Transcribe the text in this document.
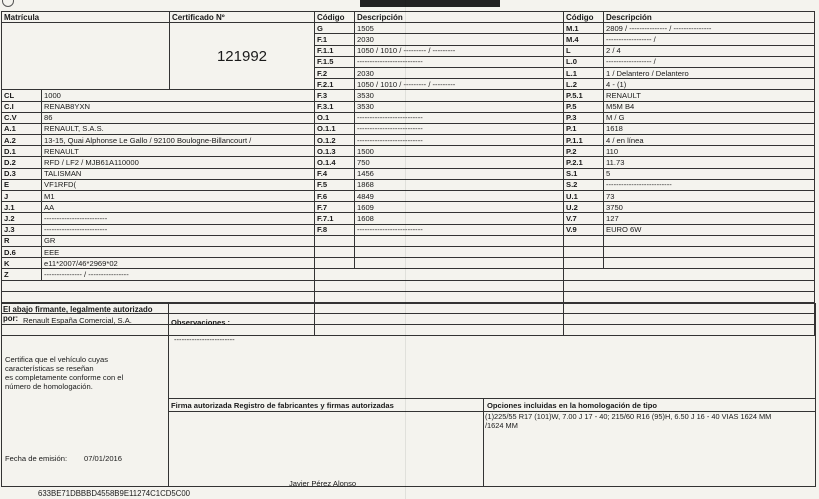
Matrícula		Certificado Nº	Código	Descripción	Código	Descripción
		121992	G	1505	M.1	2809 / --------------- / ---------------
			F.1	2030	M.4	------------------ /
			F.1.1	1050 / 1010 / --------- / ---------	L	2 / 4
			F.1.5	--------------------------	L.0	------------------ /
			F.2	2030	L.1	1 / Delantero / Delantero
			F.2.1	1050 / 1010 / --------- / ---------	L.2	4 - (1)
CL	1000		F.3	3530	P.5.1	RENAULT
C.I	RENAB8YXN		F.3.1	3530	P.5	M5M B4
C.V	86		O.1	--------------------------	P.3	M / G
A.1	RENAULT, S.A.S.		O.1.1	--------------------------	P.1	1618
A.2	13-15, Quai Alphonse Le Gallo / 92100 Boulogne-Billancourt /		O.1.2	--------------------------	P.1.1	4 / en línea
D.1	RENAULT		O.1.3	1500	P.2	110
D.2	RFD / LF2 / MJB61A110000		O.1.4	750	P.2.1	11.73
D.3	TALISMAN		F.4	1456	S.1	5
E	VF1RFD(		F.5	1868	S.2	--------------------------
J	M1		F.6	4849	U.1	73
J.1	AA		F.7	1609	U.2	3750
J.2	-------------------------		F.7.1	1608	V.7	127
J.3	-------------------------		F.8	--------------------------	V.9	EURO 6W
R	GR					
D.6	EEE					
K	e11*2007/46*2969*02					
Z	--------------- / ----------------					

El abajo firmante, legalmente autorizado
por: Renault España Comercial, S.A.
Certifica que el vehículo cuyas
características se reseñan
es completamente conforme con el
número de homologación.
Fecha de emisión: 07/01/2016
Observaciones :
------------------------
Firma autorizada Registro de fabricantes y firmas autorizadas
Javier Pérez Alonso
Opciones incluidas en la homologación de tipo
(1)225/55 R17 (101)W, 7.00 J 17 - 40; 215/60 R16 (95)H, 6.50 J 16 - 40 VIAS 1624 MM
/1624 MM
633BE71DBBBD4558B9E11274C1CD5C00
